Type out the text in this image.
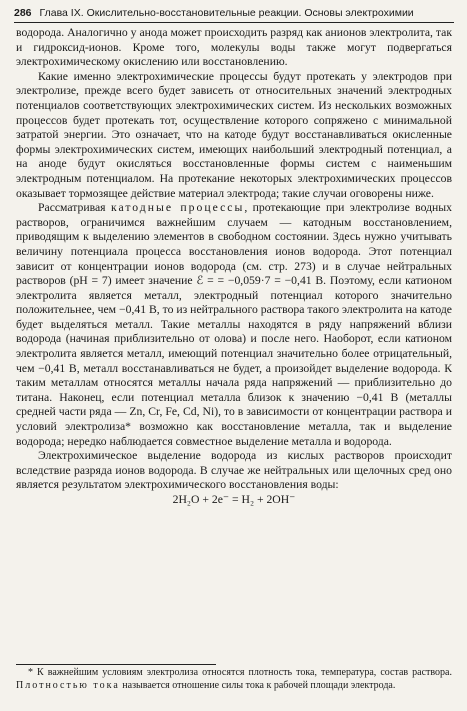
286 Глава IX. Окислительно-восстановительные реакции. Основы электрохимии

водорода. Аналогично у анода может происходить разряд как анионов электролита, так и гидроксид-ионов. Кроме того, молекулы воды также могут подвергаться электрохимическому окислению или восстановлению.

Какие именно электрохимические процессы будут протекать у электродов при электролизе, прежде всего будет зависеть от относительных значений электродных потенциалов соответствующих электрохимических систем. Из нескольких возможных процессов будет протекать тот, осуществление которого сопряжено с минимальной затратой энергии. Это означает, что на катоде будут восстанавливаться окисленные формы электрохимических систем, имеющих наибольший электродный потенциал, а на аноде будут окисляться восстановленные формы систем с наименьшим электродным потенциалом. На протекание некоторых электрохимических процессов оказывает тормозящее действие материал электрода; такие случаи оговорены ниже.

Рассматривая катодные процессы, протекающие при электролизе водных растворов, ограничимся важнейшим случаем — катодным восстановлением, приводящим к выделению элементов в свободном состоянии. Здесь нужно учитывать величину потенциала процесса восстановления ионов водорода. Этот потенциал зависит от концентрации ионов водорода (см. стр. 273) и в случае нейтральных растворов (pH = 7) имеет значение ℰ = = −0,059·7 = −0,41 В. Поэтому, если катионом электролита является металл, электродный потенциал которого значительно положительнее, чем −0,41 В, то из нейтрального раствора такого электролита на катоде будет выделяться металл. Такие металлы находятся в ряду напряжений вблизи водорода (начиная приблизительно от олова) и после него. Наоборот, если катионом электролита является металл, имеющий потенциал значительно более отрицательный, чем −0,41 В, металл восстанавливаться не будет, а произойдет выделение водорода. К таким металлам относятся металлы начала ряда напряжений — приблизительно до титана. Наконец, если потенциал металла близок к значению −0,41 В (металлы средней части ряда — Zn, Cr, Fe, Cd, Ni), то в зависимости от концентрации раствора и условий электролиза* возможно как восстановление металла, так и выделение водорода; нередко наблюдается совместное выделение металла и водорода.

Электрохимическое выделение водорода из кислых растворов происходит вследствие разряда ионов водорода. В случае же нейтральных или щелочных сред оно является результатом электрохимического восстановления воды:

2H₂O + 2e⁻ = H₂ + 2OH⁻

* К важнейшим условиям электролиза относятся плотность тока, температура, состав раствора. Плотностью тока называется отношение силы тока к рабочей площади электрода.
